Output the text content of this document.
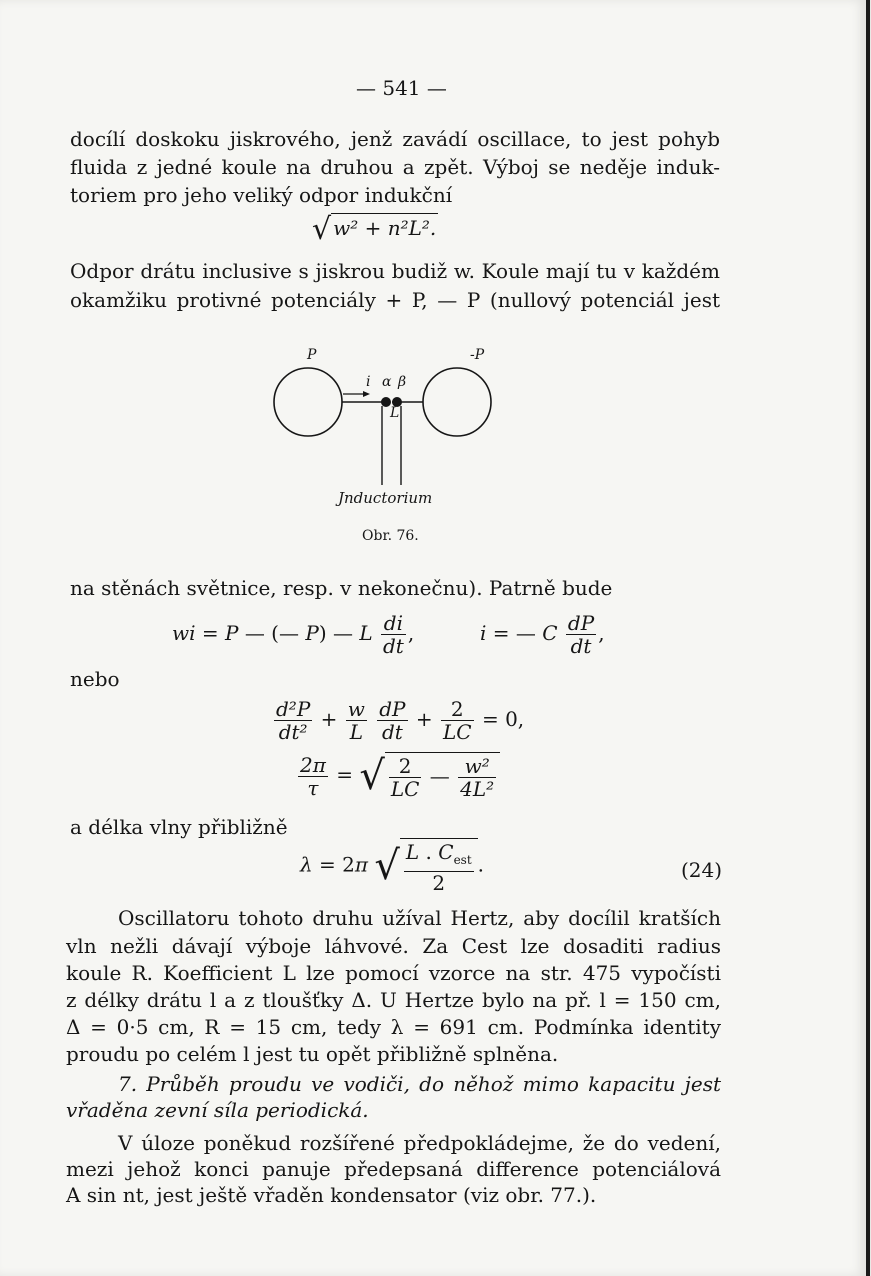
— 541 —
docílí doskoku jiskrového, jenž zavádí oscillace, to jest pohyb
fluida z jedné koule na druhou a zpět. Výboj se neděje induk-
toriem pro jeho veliký odpor indukční
√ w² + n²L².
Odpor drátu inclusive s jiskrou budiž w. Koule mají tu v každém
okamžiku protivné potenciály + P, — P (nullový potenciál jest
P	-P
i α β
L
Jnductorium
Obr. 76.
na stěnách světnice, resp. v nekonečnu). Patrně bude
wi = P — (— P) — L $\frac{di}{dt}$ ,	i = — C $\frac{dP}{dt}$ ,
nebo
$\frac{\text{d²P}}{\text{dt²}} + \frac{w}{L}$
$\frac{dP}{dt} + \frac{2}{LC} = 0$,
$\frac{2\pi}{\tau}$ = √ $\frac{2}{LC}$ — $\frac{\text{w²}}{\text{4L²}}$
a délka vlny přibližně
λ = 2π √ $\frac{L . C_{est}}{2}$ .	(24)
Oscillatoru tohoto druhu užíval Hertz, aby docílil kratších
vln nežli dávají výboje láhvové. Za Cest lze dosaditi radius
koule R. Koefficient L lze pomocí vzorce na str. 475 vypočísti
z délky drátu l a z tloušťky Δ. U Hertze bylo na př. l = 150 cm,
Δ = 0·5 cm, R = 15 cm, tedy λ = 691 cm. Podmínka identity
proudu po celém l jest tu opět přibližně splněna.
7. Průběh proudu ve vodiči, do něhož mimo kapacitu jest
vřaděna zevní síla periodická.
V úloze poněkud rozšířené předpokládejme, že do vedení,
mezi jehož konci panuje předepsaná difference potenciálová
A sin nt, jest ještě vřaděn kondensator (viz obr. 77.).
